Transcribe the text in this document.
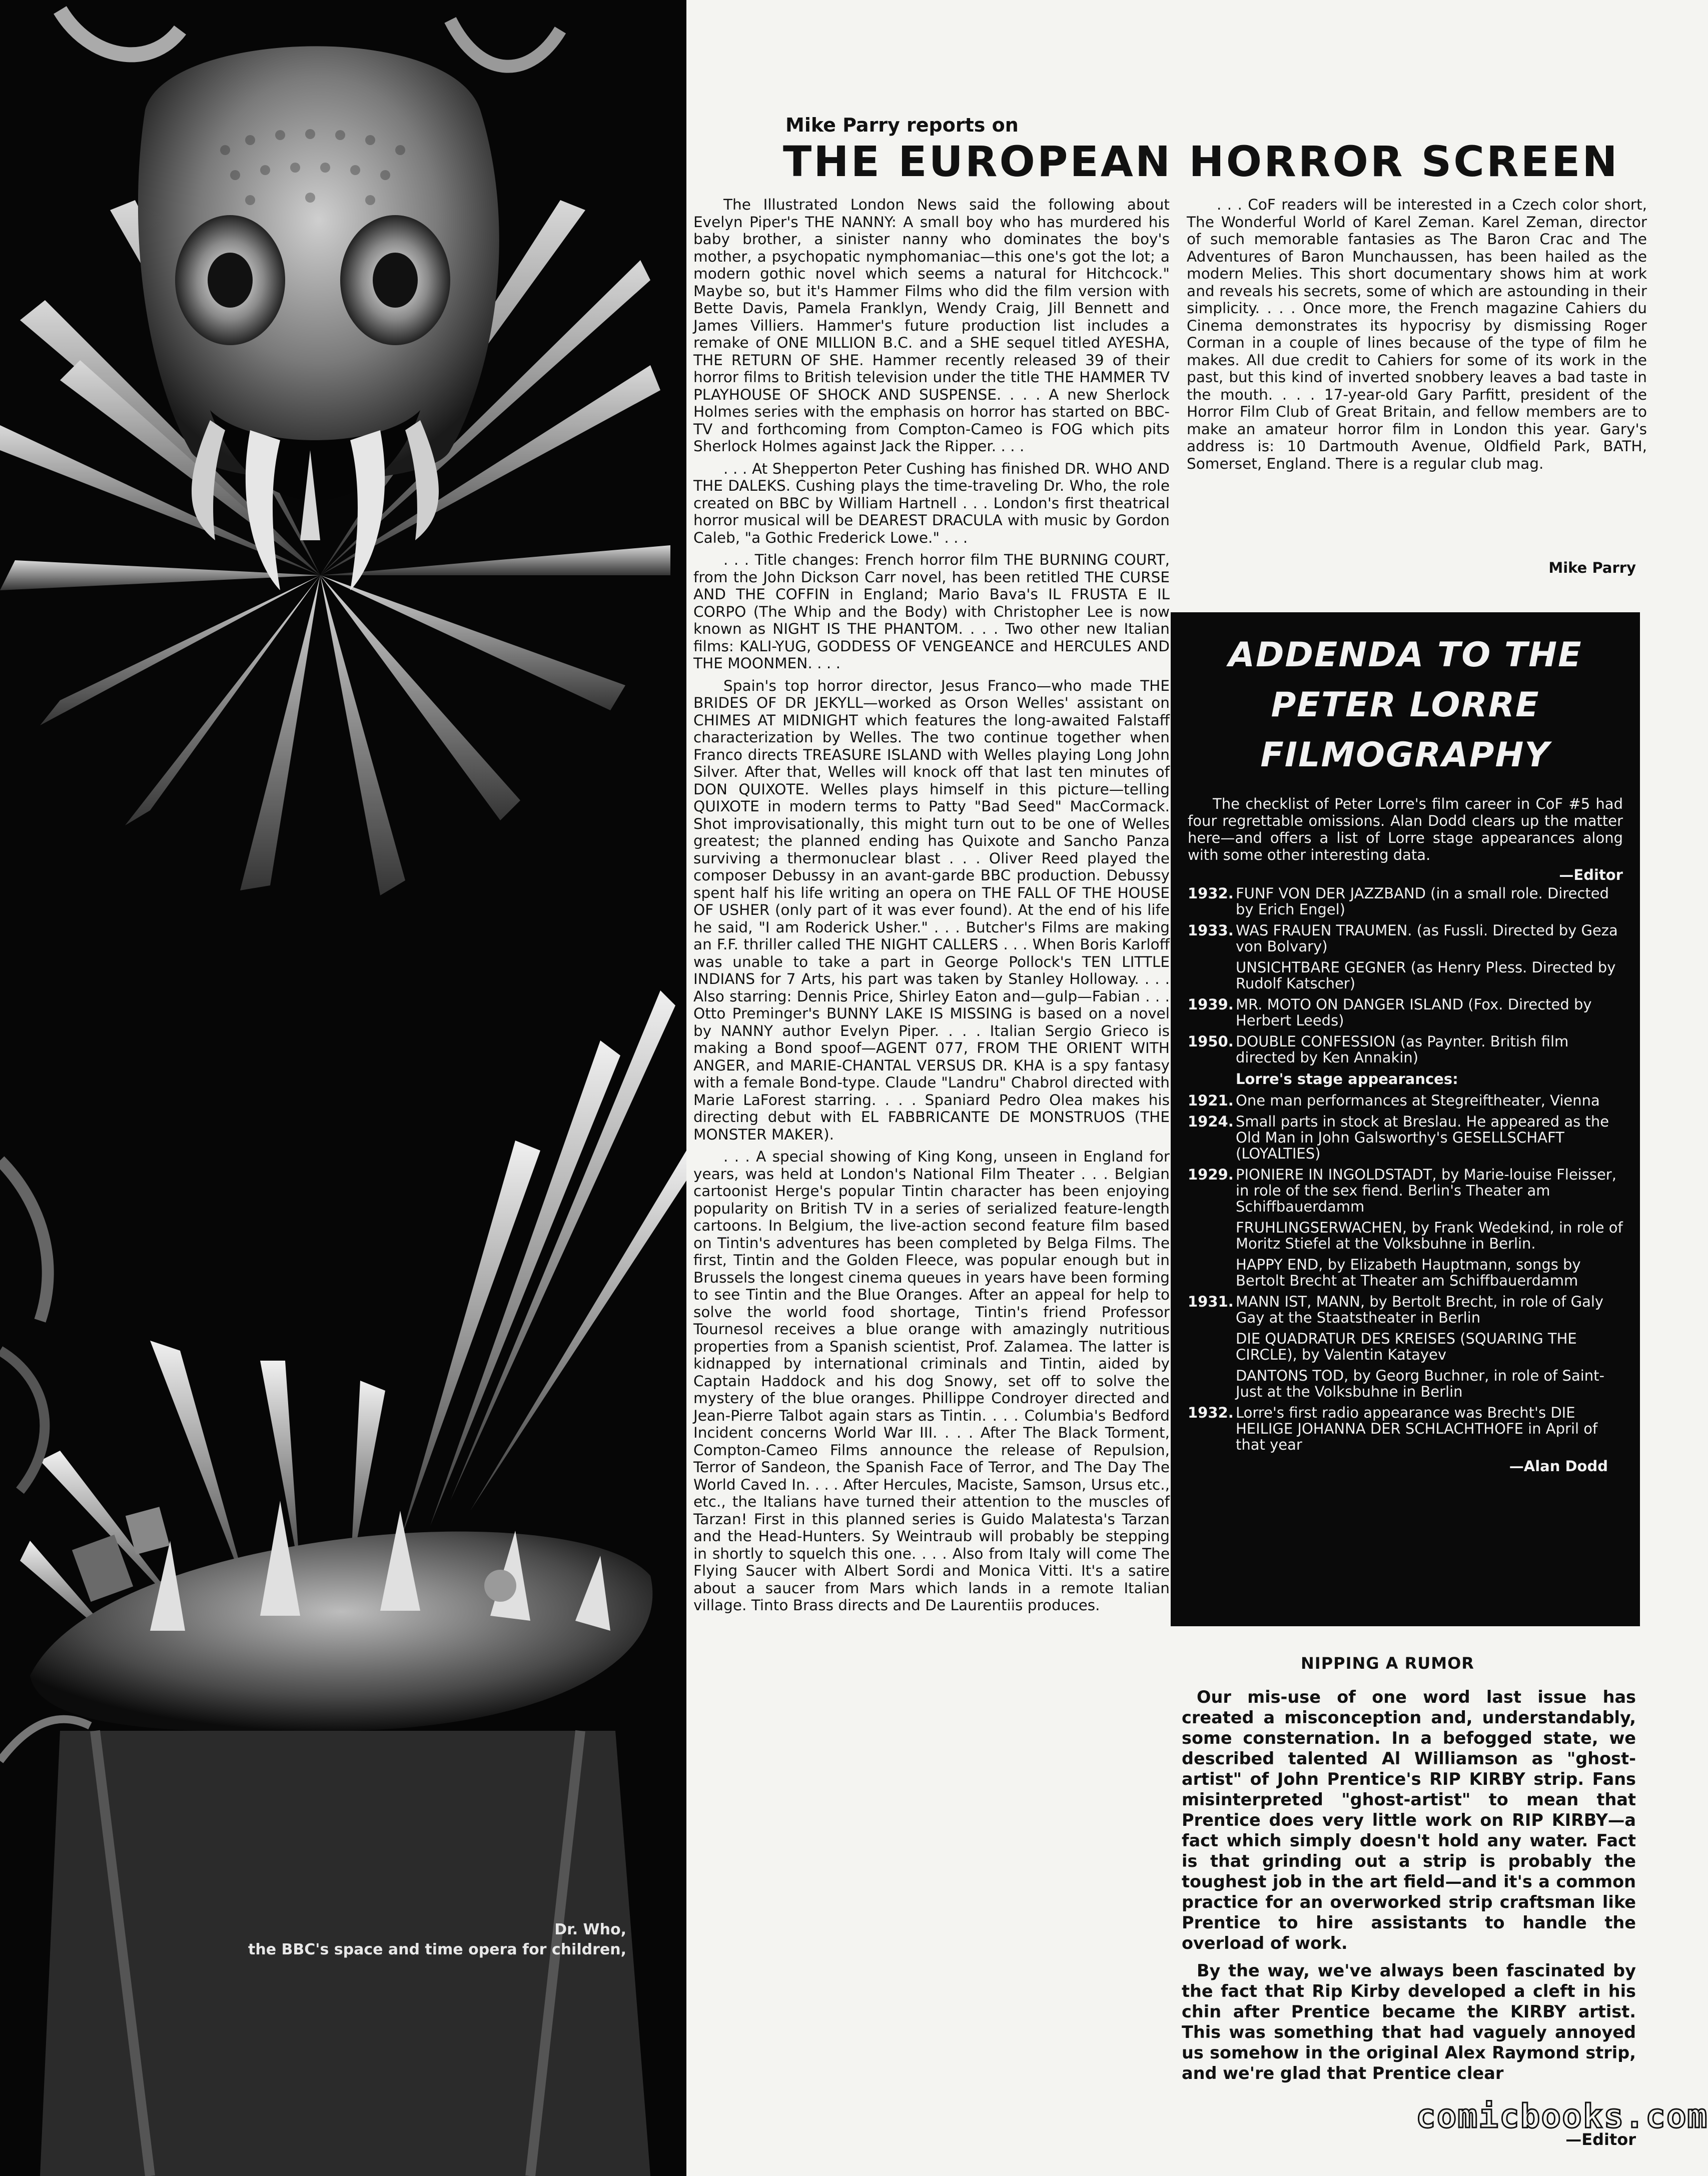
Dr. Who,
the BBC's space and time opera for children,
Mike Parry reports on
THE EUROPEAN HORROR SCREEN

The Illustrated London News said the following about Evelyn Piper's THE NANNY: A small boy who has murdered his baby brother, a sinister nanny who dominates the boy's mother, a psychopatic nymphomaniac—this one's got the lot; a modern gothic novel which seems a natural for Hitchcock." Maybe so, but it's Hammer Films who did the film version with Bette Davis, Pamela Franklyn, Wendy Craig, Jill Bennett and James Villiers. Hammer's future production list includes a remake of ONE MILLION B.C. and a SHE sequel titled AYESHA, THE RETURN OF SHE. Hammer recently released 39 of their horror films to British television under the title THE HAMMER TV PLAYHOUSE OF SHOCK AND SUSPENSE. . . . A new Sherlock Holmes series with the emphasis on horror has started on BBC-TV and forthcoming from Compton-Cameo is FOG which pits Sherlock Holmes against Jack the Ripper. . . .

. . . At Shepperton Peter Cushing has finished DR. WHO AND THE DALEKS. Cushing plays the time-traveling Dr. Who, the role created on BBC by William Hartnell . . . London's first theatrical horror musical will be DEAREST DRACULA with music by Gordon Caleb, "a Gothic Frederick Lowe." . . .

. . . Title changes: French horror film THE BURNING COURT, from the John Dickson Carr novel, has been retitled THE CURSE AND THE COFFIN in England; Mario Bava's IL FRUSTA E IL CORPO (The Whip and the Body) with Christopher Lee is now known as NIGHT IS THE PHANTOM. . . . Two other new Italian films: KALI-YUG, GODDESS OF VENGEANCE and HERCULES AND THE MOONMEN. . . .

Spain's top horror director, Jesus Franco—who made THE BRIDES OF DR JEKYLL—worked as Orson Welles' assistant on CHIMES AT MIDNIGHT which features the long-awaited Falstaff characterization by Welles. The two continue together when Franco directs TREASURE ISLAND with Welles playing Long John Silver. After that, Welles will knock off that last ten minutes of DON QUIXOTE. Welles plays himself in this picture—telling QUIXOTE in modern terms to Patty "Bad Seed" MacCormack. Shot improvisationally, this might turn out to be one of Welles greatest; the planned ending has Quixote and Sancho Panza surviving a thermonuclear blast . . . Oliver Reed played the composer Debussy in an avant-garde BBC production. Debussy spent half his life writing an opera on THE FALL OF THE HOUSE OF USHER (only part of it was ever found). At the end of his life he said, "I am Roderick Usher." . . . Butcher's Films are making an F.F. thriller called THE NIGHT CALLERS . . . When Boris Karloff was unable to take a part in George Pollock's TEN LITTLE INDIANS for 7 Arts, his part was taken by Stanley Holloway. . . . Also starring: Dennis Price, Shirley Eaton and—gulp—Fabian . . . Otto Preminger's BUNNY LAKE IS MISSING is based on a novel by NANNY author Evelyn Piper. . . . Italian Sergio Grieco is making a Bond spoof—AGENT 077, FROM THE ORIENT WITH ANGER, and MARIE-CHANTAL VERSUS DR. KHA is a spy fantasy with a female Bond-type. Claude "Landru" Chabrol directed with Marie LaForest starring. . . . Spaniard Pedro Olea makes his directing debut with EL FABBRICANTE DE MONSTRUOS (THE MONSTER MAKER).

. . . A special showing of King Kong, unseen in England for years, was held at London's National Film Theater . . . Belgian cartoonist Herge's popular Tintin character has been enjoying popularity on British TV in a series of serialized feature-length cartoons. In Belgium, the live-action second feature film based on Tintin's adventures has been completed by Belga Films. The first, Tintin and the Golden Fleece, was popular enough but in Brussels the longest cinema queues in years have been forming to see Tintin and the Blue Oranges. After an appeal for help to solve the world food shortage, Tintin's friend Professor Tournesol receives a blue orange with amazingly nutritious properties from a Spanish scientist, Prof. Zalamea. The latter is kidnapped by international criminals and Tintin, aided by Captain Haddock and his dog Snowy, set off to solve the mystery of the blue oranges. Phillippe Condroyer directed and Jean-Pierre Talbot again stars as Tintin. . . . Columbia's Bedford Incident concerns World War III. . . . After The Black Torment, Compton-Cameo Films announce the release of Repulsion, Terror of Sandeon, the Spanish Face of Terror, and The Day The World Caved In. . . . After Hercules, Maciste, Samson, Ursus etc., etc., the Italians have turned their attention to the muscles of Tarzan! First in this planned series is Guido Malatesta's Tarzan and the Head-Hunters. Sy Weintraub will probably be stepping in shortly to squelch this one. . . . Also from Italy will come The Flying Saucer with Albert Sordi and Monica Vitti. It's a satire about a saucer from Mars which lands in a remote Italian village. Tinto Brass directs and De Laurentiis produces.

. . . CoF readers will be interested in a Czech color short, The Wonderful World of Karel Zeman. Karel Zeman, director of such memorable fantasies as The Baron Crac and The Adventures of Baron Munchaussen, has been hailed as the modern Melies. This short documentary shows him at work and reveals his secrets, some of which are astounding in their simplicity. . . . Once more, the French magazine Cahiers du Cinema demonstrates its hypocrisy by dismissing Roger Corman in a couple of lines because of the type of film he makes. All due credit to Cahiers for some of its work in the past, but this kind of inverted snobbery leaves a bad taste in the mouth. . . . 17-year-old Gary Parfitt, president of the Horror Film Club of Great Britain, and fellow members are to make an amateur horror film in London this year. Gary's address is: 10 Dartmouth Avenue, Oldfield Park, BATH, Somerset, England. There is a regular club mag.

Mike Parry
ADDENDA TO THE PETER LORRE FILMOGRAPHY
The checklist of Peter Lorre's film career in CoF #5 had four regrettable omissions. Alan Dodd clears up the matter here—and offers a list of Lorre stage appearances along with some other interesting data.
—Editor
1932. FUNF VON DER JAZZBAND (in a small role. Directed by Erich Engel)
1933. WAS FRAUEN TRAUMEN. (as Fussli. Directed by Geza von Bolvary)
UNSICHTBARE GEGNER (as Henry Pless. Directed by Rudolf Katscher)
1939. MR. MOTO ON DANGER ISLAND (Fox. Directed by Herbert Leeds)
1950. DOUBLE CONFESSION (as Paynter. British film directed by Ken Annakin)
Lorre's stage appearances:
1921. One man performances at Stegreiftheater, Vienna
1924. Small parts in stock at Breslau. He appeared as the Old Man in John Galsworthy's GESELLSCHAFT (LOYALTIES)
1929. PIONIERE IN INGOLDSTADT, by Marie-louise Fleisser, in role of the sex fiend. Berlin's Theater am Schiffbauerdamm
FRUHLINGSERWACHEN, by Frank Wedekind, in role of Moritz Stiefel at the Volksbuhne in Berlin.
HAPPY END, by Elizabeth Hauptmann, songs by Bertolt Brecht at Theater am Schiffbauerdamm
1931. MANN IST, MANN, by Bertolt Brecht, in role of Galy Gay at the Staatstheater in Berlin
DIE QUADRATUR DES KREISES (SQUARING THE CIRCLE), by Valentin Katayev
DANTONS TOD, by Georg Buchner, in role of Saint-Just at the Volksbuhne in Berlin
1932. Lorre's first radio appearance was Brecht's DIE HEILIGE JOHANNA DER SCHLACHTHOFE in April of that year
—Alan Dodd
NIPPING A RUMOR

Our mis-use of one word last issue has created a misconception and, understandably, some consternation. In a befogged state, we described talented Al Williamson as "ghost-artist" of John Prentice's RIP KIRBY strip. Fans misinterpreted "ghost-artist" to mean that Prentice does very little work on RIP KIRBY—a fact which simply doesn't hold any water. Fact is that grinding out a strip is probably the toughest job in the art field—and it's a common practice for an overworked strip craftsman like Prentice to hire assistants to handle the overload of work.

By the way, we've always been fascinated by the fact that Rip Kirby developed a cleft in his chin after Prentice became the KIRBY artist. This was something that had vaguely annoyed us somehow in the original Alex Raymond strip, and we're glad that Prentice clear

comicbooks.com
—Editor
